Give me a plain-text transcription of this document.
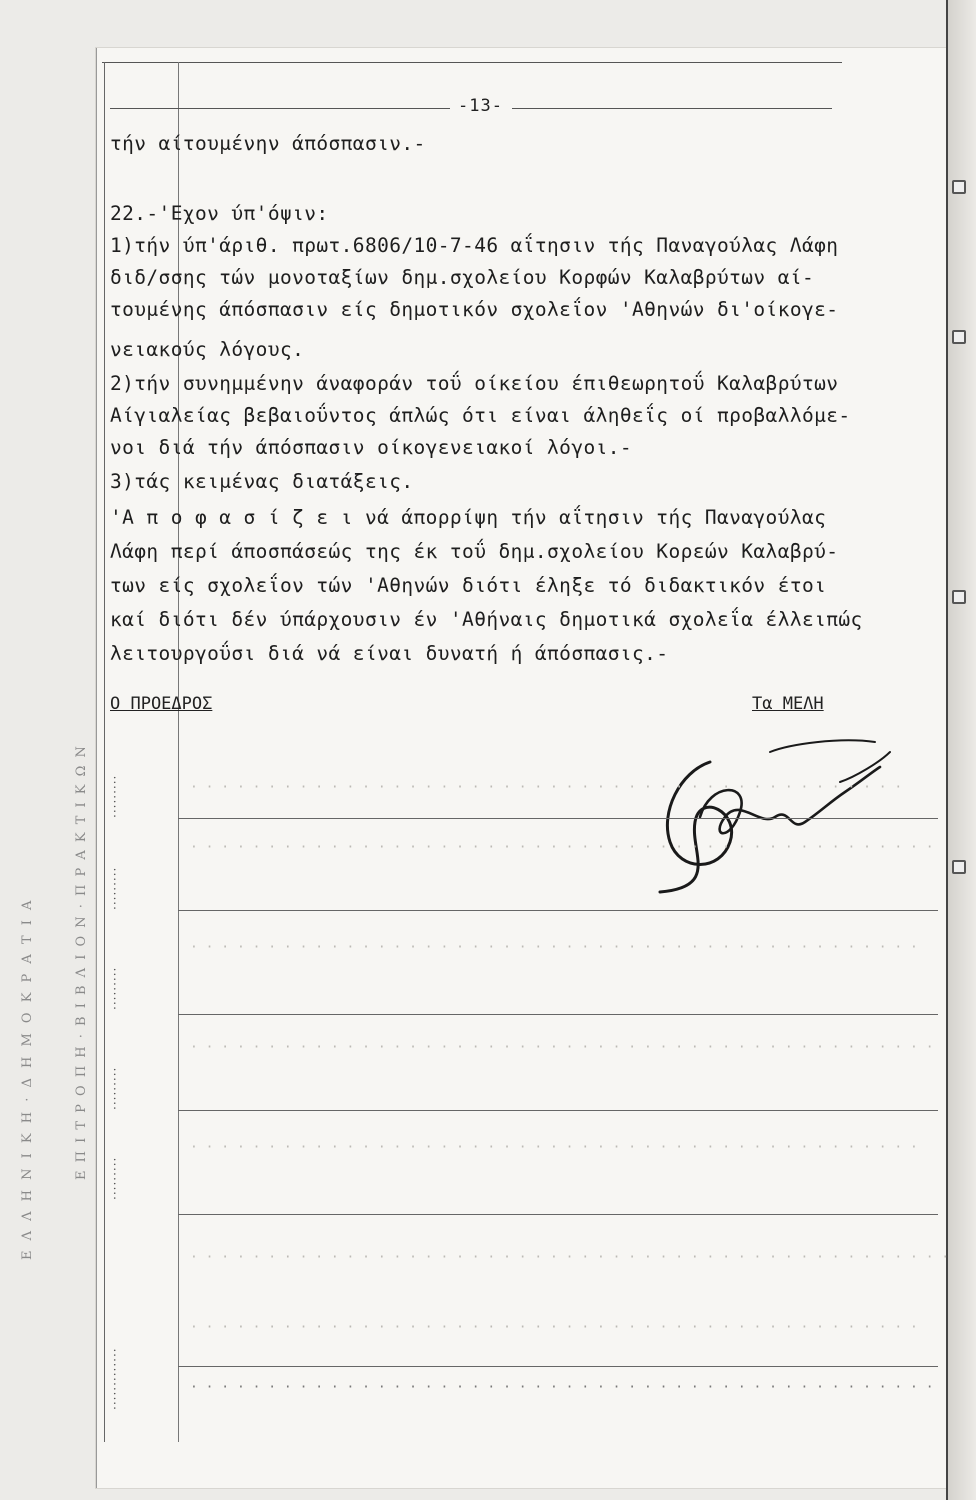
Ε Λ Λ Η Ν Ι Κ Η · Δ Η Μ Ο Κ Ρ Α Τ Ι Α	Ε Π Ι Τ Ρ Ο Π Η · Β Ι Β Λ Ι Ο Ν · Π Ρ Α Κ Τ Ι Κ Ω Ν
-13-
τήν αίτουμένην άπόσπασιν.-
22.-'Εχον ύπ'όψιν:
1)τήν ύπ'άριθ. πρωτ.6806/10-7-46 αΐτησιν τής Παναγούλας Λάφη
διδ/σσης τών μονοταξίων δημ.σχολείου Κορφών Καλαβρύτων αί-
τουμένης άπόσπασιν είς δημοτικόν σχολεΐον 'Αθηνών δι'οίκογε-
νειακούς λόγους.
2)τήν συνημμένην άναφοράν τοΰ οίκείου έπιθεωρητοΰ Καλαβρύτων
Αίγιαλείας βεβαιοΰντος άπλώς ότι είναι άληθεΐς οί προβαλλόμε-
νοι διά τήν άπόσπασιν οίκογενειακοί λόγοι.-
3)τάς κειμένας διατάξεις.
'Α π ο φ α σ ί ζ ε ι νά άπορρίψη τήν αΐτησιν τής Παναγούλας
Λάφη περί άποσπάσεώς της έκ τοΰ δημ.σχολείου Κορεών Καλαβρύ-
των είς σχολεΐον τών 'Αθηνών διότι έληξε τό διδακτικόν έτοι
καί διότι δέν ύπάρχουσιν έν 'Αθήναις δημοτικά σχολεΐα έλλειπώς
λειτουργοΰσι διά νά είναι δυνατή ή άπόσπασις.-
Ο ΠΡΟΕΔΡΟΣ	Τα ΜΕΛΗ
·········
·········
·········
·········
·········
·············
· · · · · · · · · · · · · · · · · · · · · · · · · · · · · · · · · · · · · · · · · · · · · ·
· · · · · · · · · · · · · · · · · · · · · · · · · · · · · · · · · · · · · · · · · · · · · · · ·
· · · · · · · · · · · · · · · · · · · · · · · · · · · · · · · · · · · · · · · · · · · · · · ·
· · · · · · · · · · · · · · · · · · · · · · · · · · · · · · · · · · · · · · · · · · · · · · · ·
· · · · · · · · · · · · · · · · · · · · · · · · · · · · · · · · · · · · · · · · · · · · · · ·
· · · · · · · · · · · · · · · · · · · · · · · · · · · · · · · · · · · · · · · · · · · · · · · · ·
· · · · · · · · · · · · · · · · · · · · · · · · · · · · · · · · · · · · · · · · · · · · · · ·
· · · · · · · · · · · · · · · · · · · · · · · · · · · · · · · · · · · · · · · · · · · · · · · ·
